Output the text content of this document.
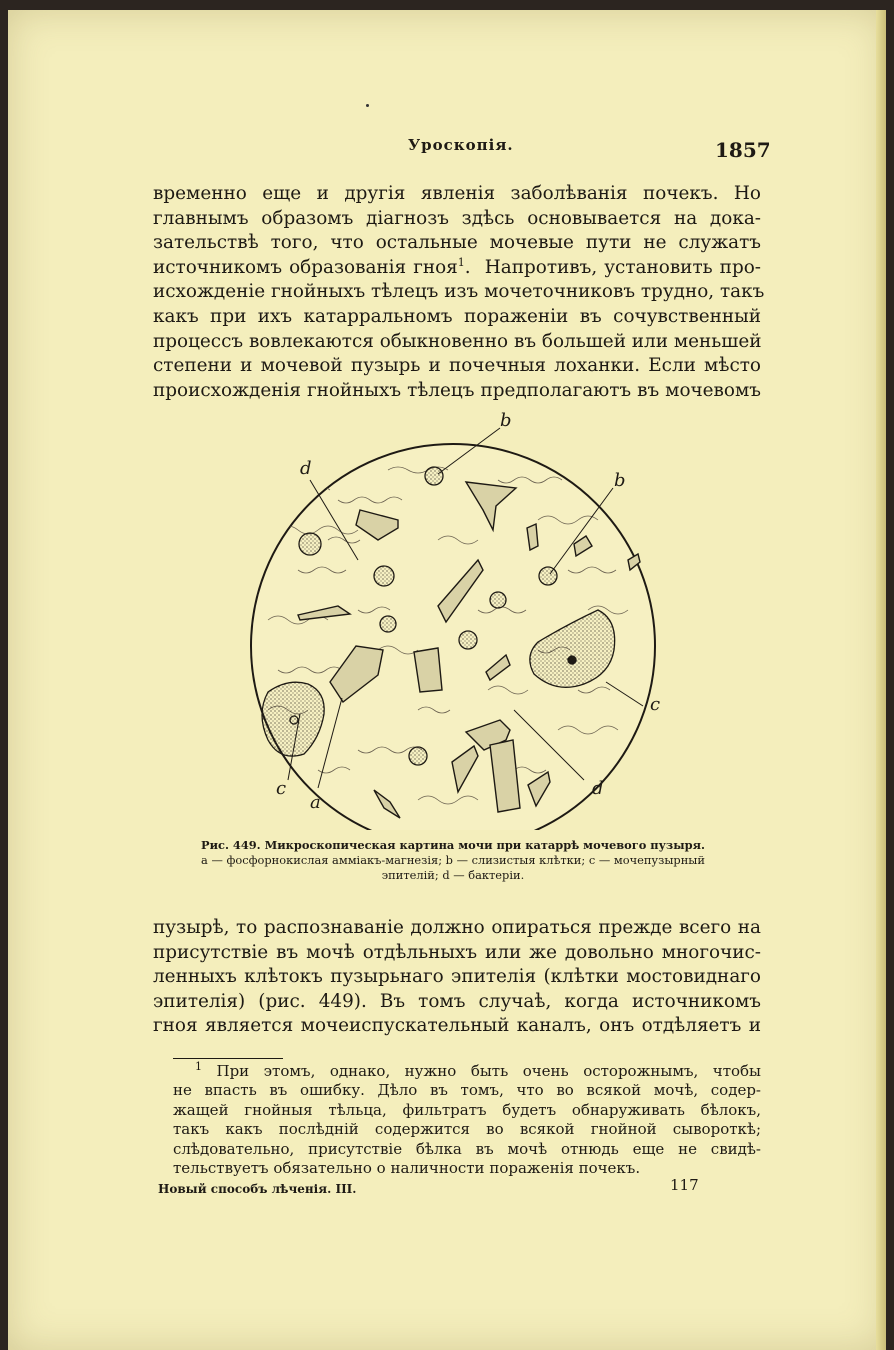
Уроскопія.	1857
временно еще и другія явленія заболѣванія почекъ. Но
главнымъ образомъ діагнозъ здѣсь основывается на дока-
зательствѣ того, что остальные мочевые пути не служатъ
источникомъ образованія гноя$^1$.  Напротивъ, установить про-
исхожденіе гнойныхъ тѣлецъ изъ мочеточниковъ трудно, такъ
какъ при ихъ катарральномъ пораженіи въ сочувственный
процессъ вовлекаются обыкновенно въ большей или меньшей
степени и мочевой пузырь и почечныя лоханки. Если мѣсто
происхожденія гнойныхъ тѣлецъ предполагаютъ въ мочевомъ
b
b
d
c
c
a
d
Рис. 449. Микроскопическая картина мочи при катаррѣ мочевого пузыря.
a — фосфорнокислая амміакъ-магнезія; b — слизистыя клѣтки; c — мочепузырный
эпителій; d — бактеріи.
пузырѣ, то распознаваніе должно опираться прежде всего на
присутствіе въ мочѣ отдѣльныхъ или же довольно многочис-
ленныхъ клѣтокъ пузырьнаго эпителія (клѣтки мостовиднаго
эпителія) (рис. 449). Въ томъ случаѣ, когда источникомъ
гноя является мочеиспускательный каналъ, онъ отдѣляетъ и
$^1$ При этомъ, однако, нужно быть очень осторожнымъ, чтобы
не впасть въ ошибку. Дѣло въ томъ, что во всякой мочѣ, содер-
жащей гнойныя тѣльца, фильтратъ будетъ обнаруживать бѣлокъ,
такъ какъ послѣдній содержится во всякой гнойной сывороткѣ;
слѣдовательно, присутствіе бѣлка въ мочѣ отнюдь еще не свидѣ-
тельствуетъ обязательно о наличности пораженія почекъ.
Новый способъ лѣченія. III.	117
